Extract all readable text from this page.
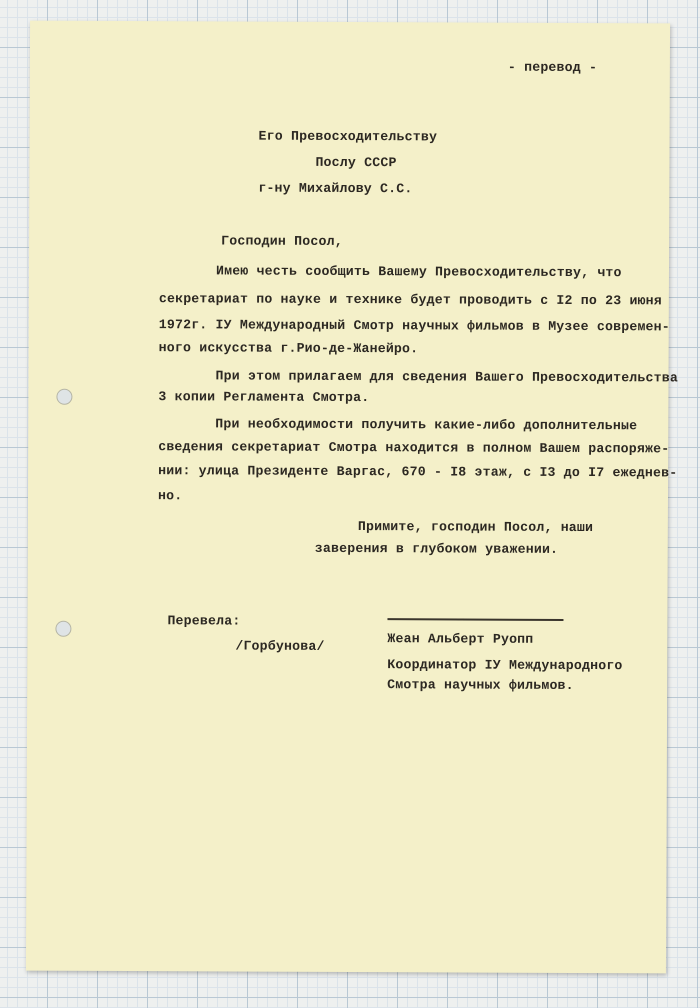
- перевод -
Его Превосходительству
Послу СССР
г-ну Михайлову С.С.
Господин Посол,
Имею честь сообщить Вашему Превосходительству, что
секретариат по науке и технике будет проводить с I2 по 23 июня
1972г. IУ Международный Смотр научных фильмов в Музее современ-
ного искусства г.Рио-де-Жанейро.
При этом прилагаем для сведения Вашего Превосходительства
3 копии Регламента Смотра.
При необходимости получить какие-либо дополнительные
сведения секретариат Смотра находится в полном Вашем распоряже-
нии: улица Президенте Варгас, 670 - I8 этаж, с I3 до I7 ежеднев-
но.
Примите, господин Посол, наши
заверения в глубоком уважении.
Перевела:
/Горбунова/	Жеан Альберт Руопп
Координатор IУ Международного
Смотра научных фильмов.
